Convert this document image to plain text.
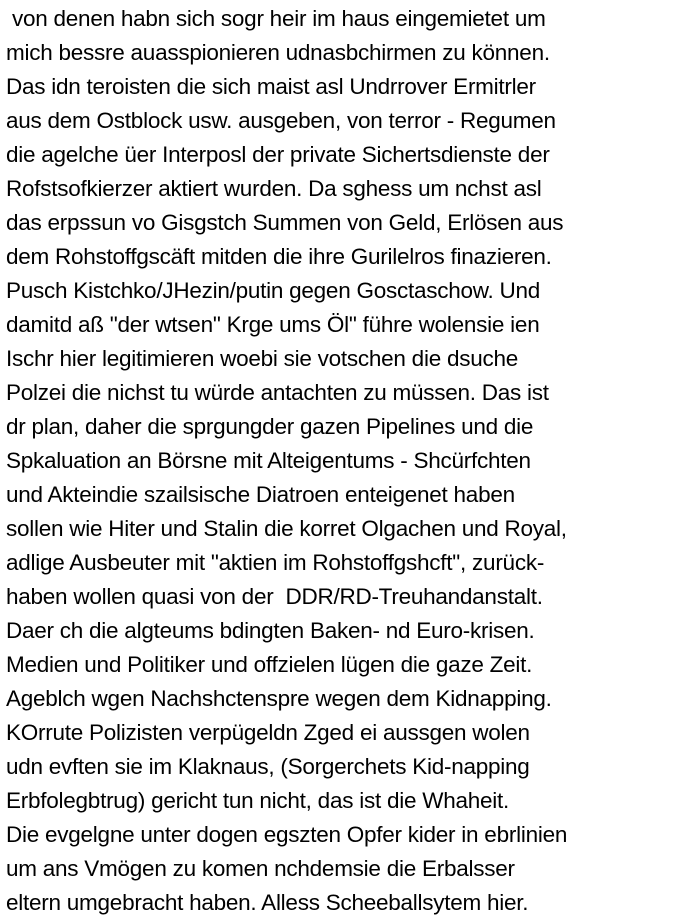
von denen habn sich sogr heir im haus eingemietet um
mich bessre auasspionieren udnasbchirmen zu können.
Das idn teroisten die sich maist asl Undrrover Ermitrler
aus dem Ostblock usw. ausgeben, von terror - Regumen
die agelche üer Interposl der private Sichertsdienste der
Rofstsofkierzer aktiert wurden. Da sghess um nchst asl
das erpssun vo Gisgstch Summen von Geld, Erlösen aus
dem Rohstoffgscäft mitden die ihre Gurilelros finazieren.
Pusch Kistchko/JHezin/putin gegen Gosctaschow. Und
damitd aß "der wtsen" Krge ums Öl" führe wolensie ien
Ischr hier legitimieren woebi sie votschen die dsuche
Polzei die nichst tu würde antachten zu müssen. Das ist
dr plan, daher die sprgungder gazen Pipelines und die
Spkaluation an Börsne mit Alteigentums - Shcürfchten
und Akteindie szailsische Diatroen enteigenet haben
sollen wie Hiter und Stalin die korret Olgachen und Royal,
adlige Ausbeuter mit "aktien im Rohstoffgshcft", zurück-
haben wollen quasi von der  DDR/RD-Treuhandanstalt.
Daer ch die algteums bdingten Baken- nd Euro-krisen.
Medien und Politiker und offzielen lügen die gaze Zeit.
Ageblch wgen Nachshctenspre wegen dem Kidnapping.
KOrrute Polizisten verpügeldn Zged ei aussgen wolen
udn evften sie im Klaknaus, (Sorgerchets Kid-napping
Erbfolegbtrug) gericht tun nicht, das ist die Whaheit.
Die evgelgne unter dogen egszten Opfer kider in ebrlinien
um ans Vmögen zu komen nchdemsie die Erbalsser
eltern umgebracht haben. Alless Scheeballsytem hier.
